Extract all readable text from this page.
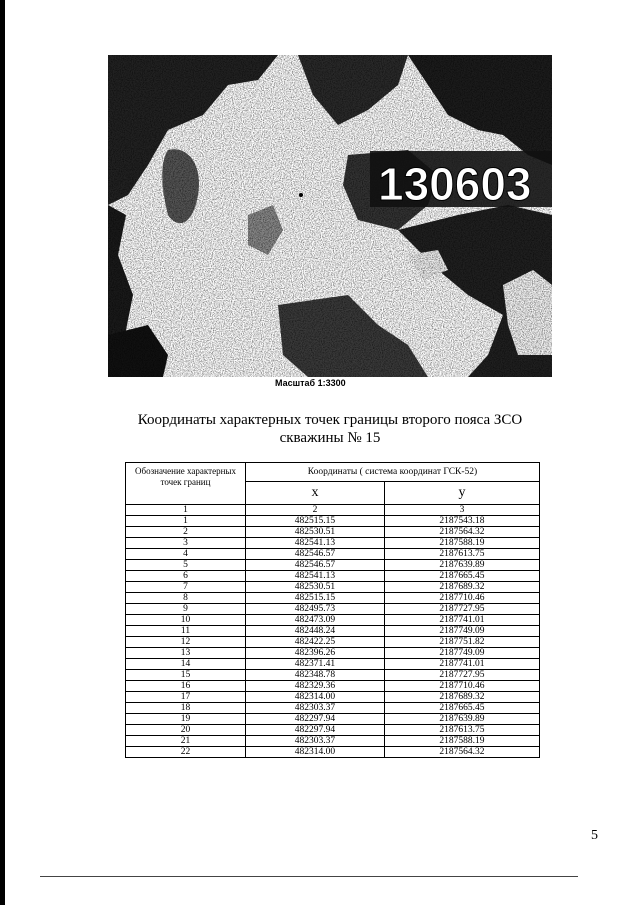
130603
Масштаб 1:3300
Координаты характерных точек границы второго пояса ЗСО
скважины № 15
Обозначение характерных точек границ	Координаты ( система координат ГСК-52)	
	x	y
1	2	3
1	482515.15	2187543.18
2	482530.51	2187564.32
3	482541.13	2187588.19
4	482546.57	2187613.75
5	482546.57	2187639.89
6	482541.13	2187665.45
7	482530.51	2187689.32
8	482515.15	2187710.46
9	482495.73	2187727.95
10	482473.09	2187741.01
11	482448.24	2187749.09
12	482422.25	2187751.82
13	482396.26	2187749.09
14	482371.41	2187741.01
15	482348.78	2187727.95
16	482329.36	2187710.46
17	482314.00	2187689.32
18	482303.37	2187665.45
19	482297.94	2187639.89
20	482297.94	2187613.75
21	482303.37	2187588.19
22	482314.00	2187564.32
5
